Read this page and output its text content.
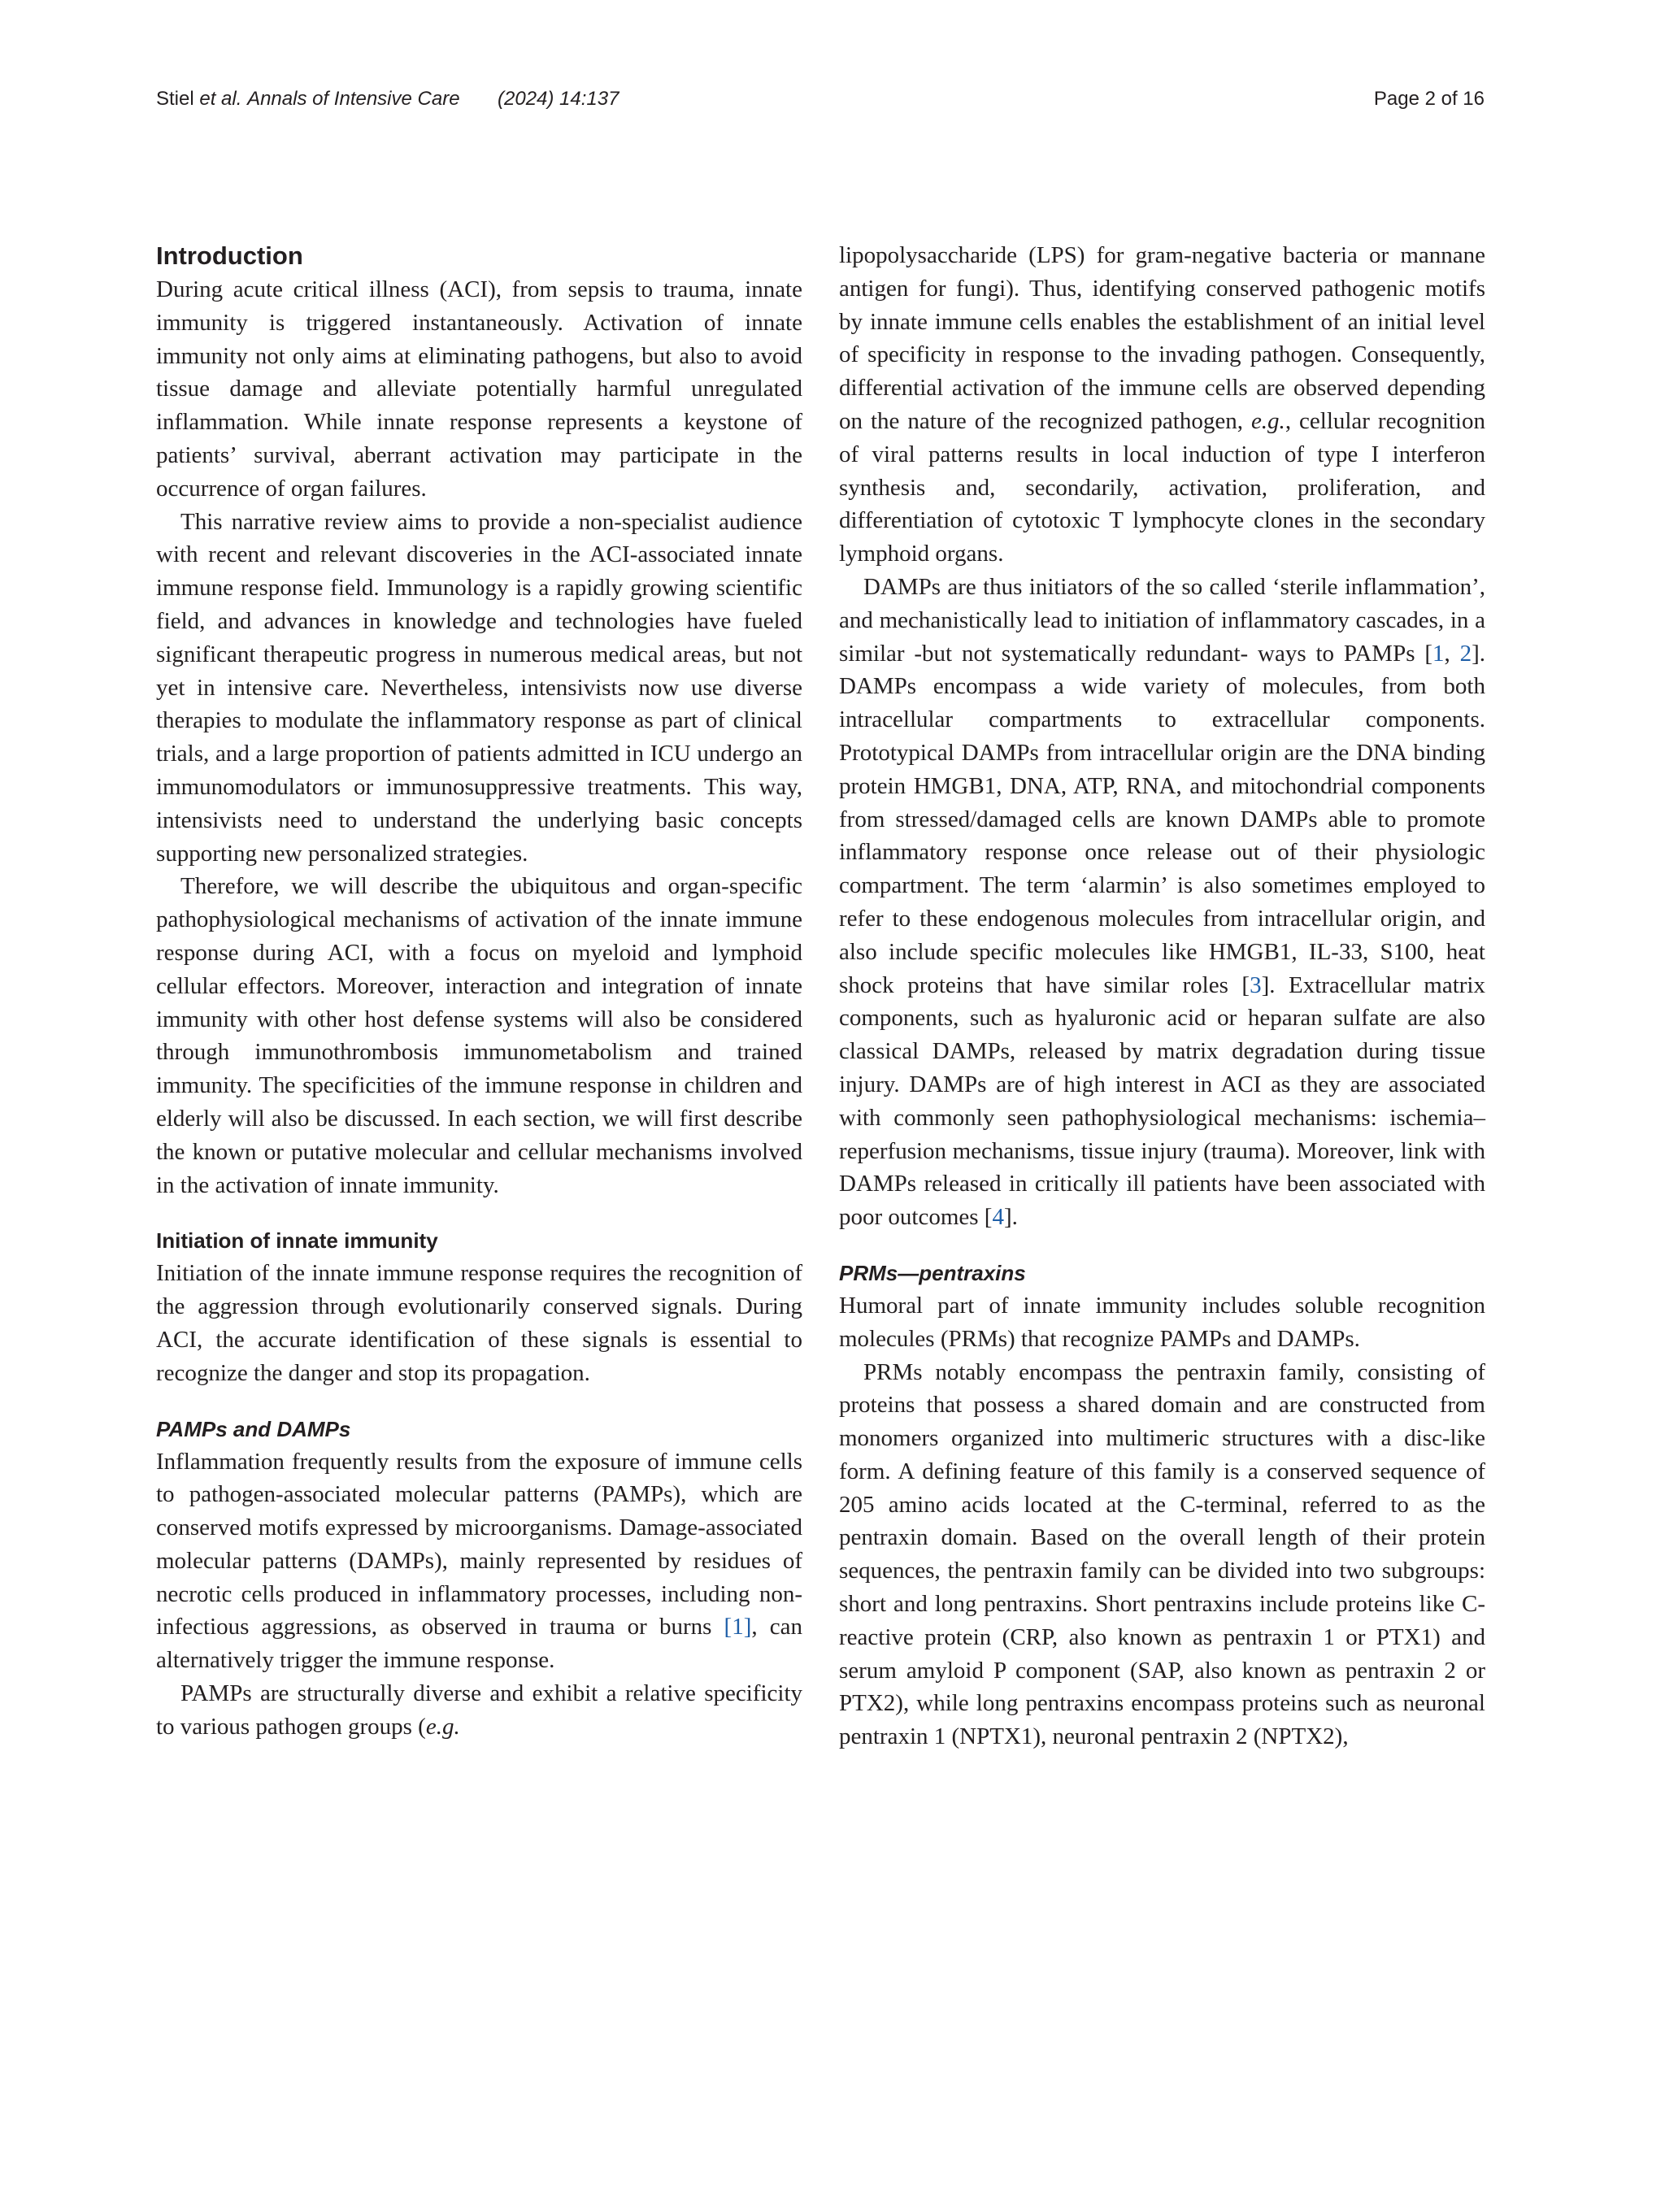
Stiel et al. Annals of Intensive Care (2024) 14:137	Page 2 of 16
Introduction

During acute critical illness (ACI), from sepsis to trauma, innate immunity is triggered instantaneously. Activation of innate immunity not only aims at eliminating pathogens, but also to avoid tissue damage and alleviate potentially harmful unregulated inflammation. While innate response represents a keystone of patients’ survival, aberrant activation may participate in the occurrence of organ failures.

This narrative review aims to provide a non-specialist audience with recent and relevant discoveries in the ACI-associated innate immune response field. Immunology is a rapidly growing scientific field, and advances in knowledge and technologies have fueled significant therapeutic progress in numerous medical areas, but not yet in intensive care. Nevertheless, intensivists now use diverse therapies to modulate the inflammatory response as part of clinical trials, and a large proportion of patients admitted in ICU undergo an immunomodulators or immunosuppressive treatments. This way, intensivists need to understand the underlying basic concepts supporting new personalized strategies.

Therefore, we will describe the ubiquitous and organ-specific pathophysiological mechanisms of activation of the innate immune response during ACI, with a focus on myeloid and lymphoid cellular effectors. Moreover, interaction and integration of innate immunity with other host defense systems will also be considered through immunothrombosis immunometabolism and trained immunity. The specificities of the immune response in children and elderly will also be discussed. In each section, we will first describe the known or putative molecular and cellular mechanisms involved in the activation of innate immunity.

Initiation of innate immunity

Initiation of the innate immune response requires the recognition of the aggression through evolutionarily conserved signals. During ACI, the accurate identification of these signals is essential to recognize the danger and stop its propagation.

PAMPs and DAMPs

Inflammation frequently results from the exposure of immune cells to pathogen-associated molecular patterns (PAMPs), which are conserved motifs expressed by microorganisms. Damage-associated molecular patterns (DAMPs), mainly represented by residues of necrotic cells produced in inflammatory processes, including non-infectious aggressions, as observed in trauma or burns [1], can alternatively trigger the immune response.

PAMPs are structurally diverse and exhibit a relative specificity to various pathogen groups (e.g.

lipopolysaccharide (LPS) for gram-negative bacteria or mannane antigen for fungi). Thus, identifying conserved pathogenic motifs by innate immune cells enables the establishment of an initial level of specificity in response to the invading pathogen. Consequently, differential activation of the immune cells are observed depending on the nature of the recognized pathogen, e.g., cellular recognition of viral patterns results in local induction of type I interferon synthesis and, secondarily, activation, proliferation, and differentiation of cytotoxic T lymphocyte clones in the secondary lymphoid organs.

DAMPs are thus initiators of the so called ‘sterile inflammation’, and mechanistically lead to initiation of inflammatory cascades, in a similar -but not systematically redundant- ways to PAMPs [1, 2]. DAMPs encompass a wide variety of molecules, from both intracellular compartments to extracellular components. Prototypical DAMPs from intracellular origin are the DNA binding protein HMGB1, DNA, ATP, RNA, and mitochondrial components from stressed/damaged cells are known DAMPs able to promote inflammatory response once release out of their physiologic compartment. The term ‘alarmin’ is also sometimes employed to refer to these endogenous molecules from intracellular origin, and also include specific molecules like HMGB1, IL-33, S100, heat shock proteins that have similar roles [3]. Extracellular matrix components, such as hyaluronic acid or heparan sulfate are also classical DAMPs, released by matrix degradation during tissue injury. DAMPs are of high interest in ACI as they are associated with commonly seen pathophysiological mechanisms: ischemia–reperfusion mechanisms, tissue injury (trauma). Moreover, link with DAMPs released in critically ill patients have been associated with poor outcomes [4].

PRMs—pentraxins

Humoral part of innate immunity includes soluble recognition molecules (PRMs) that recognize PAMPs and DAMPs.

PRMs notably encompass the pentraxin family, consisting of proteins that possess a shared domain and are constructed from monomers organized into multimeric structures with a disc-like form. A defining feature of this family is a conserved sequence of 205 amino acids located at the C-terminal, referred to as the pentraxin domain. Based on the overall length of their protein sequences, the pentraxin family can be divided into two subgroups: short and long pentraxins. Short pentraxins include proteins like C-reactive protein (CRP, also known as pentraxin 1 or PTX1) and serum amyloid P component (SAP, also known as pentraxin 2 or PTX2), while long pentraxins encompass proteins such as neuronal pentraxin 1 (NPTX1), neuronal pentraxin 2 (NPTX2),
